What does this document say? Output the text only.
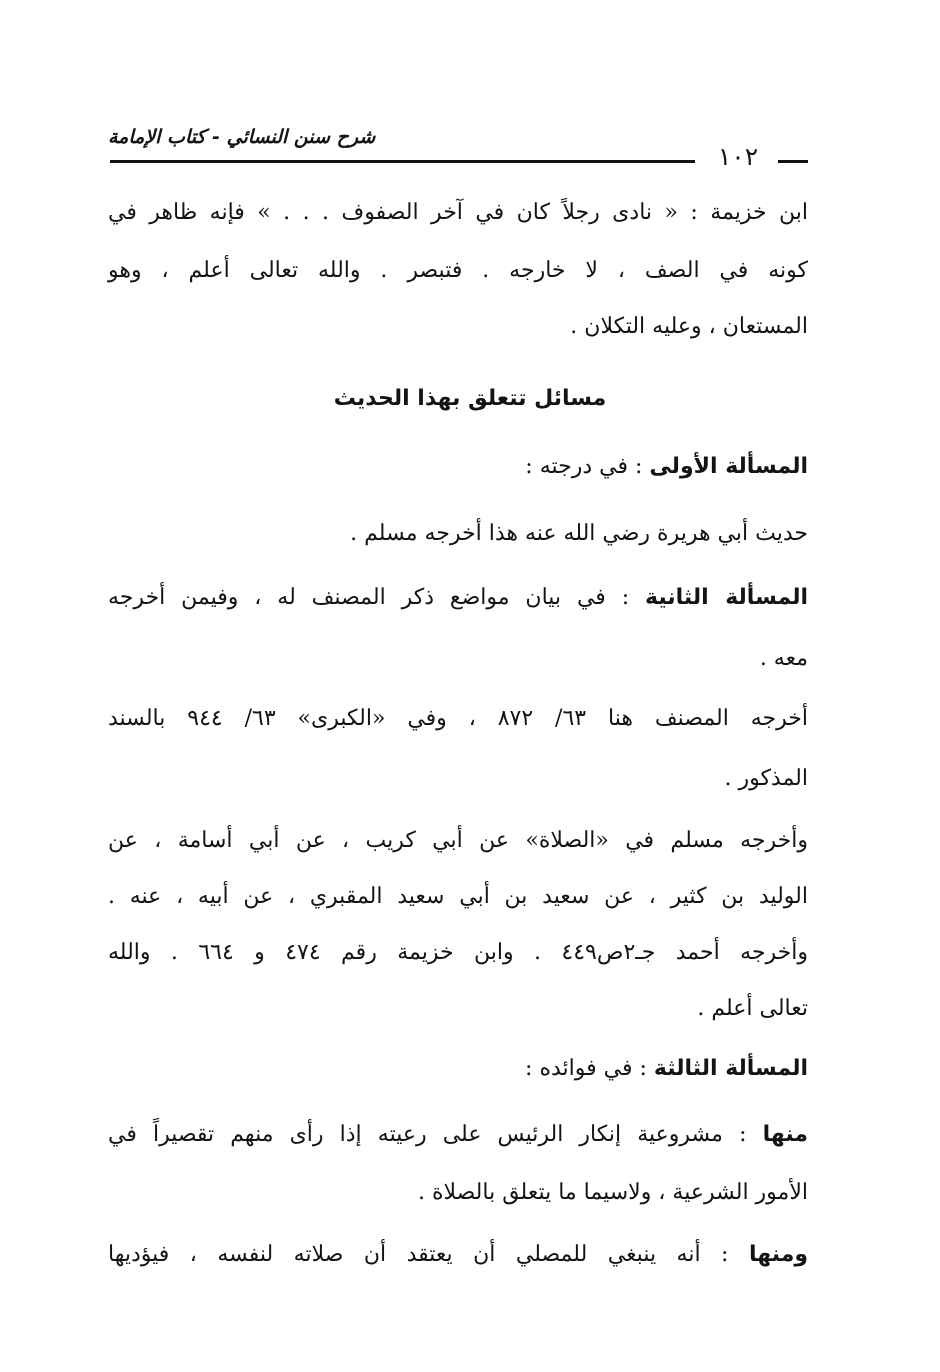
شرح سنن النسائي - كتاب الإمامة
١٠٢
ابن خزيمة : « نادى رجلاً كان في آخر الصفوف . . . » فإنه ظاهر في
كونه في الصف ، لا خارجه . فتبصر . والله تعالى أعلم ، وهو
المستعان ، وعليه التكلان .
مسائل تتعلق بهذا الحديث
المسألة الأولى : في درجته :
حديث أبي هريرة رضي الله عنه هذا أخرجه مسلم .
المسألة الثانية : في بيان مواضع ذكر المصنف له ، وفيمن أخرجه
معه .
أخرجه المصنف هنا ٦٣/ ٨٧٢ ، وفي «الكبرى» ٦٣/ ٩٤٤ بالسند
المذكور .
وأخرجه مسلم في «الصلاة» عن أبي كريب ، عن أبي أسامة ، عن
الوليد بن كثير ، عن سعيد بن أبي سعيد المقبري ، عن أبيه ، عنه .
وأخرجه أحمد جـ٢ص٤٤٩ . وابن خزيمة رقم ٤٧٤ و ٦٦٤ . والله
تعالى أعلم .
المسألة الثالثة : في فوائده :
منها : مشروعية إنكار الرئيس على رعيته إذا رأى منهم تقصيراً في
الأمور الشرعية ، ولاسيما ما يتعلق بالصلاة .
ومنها : أنه ينبغي للمصلي أن يعتقد أن صلاته لنفسه ، فيؤديها
